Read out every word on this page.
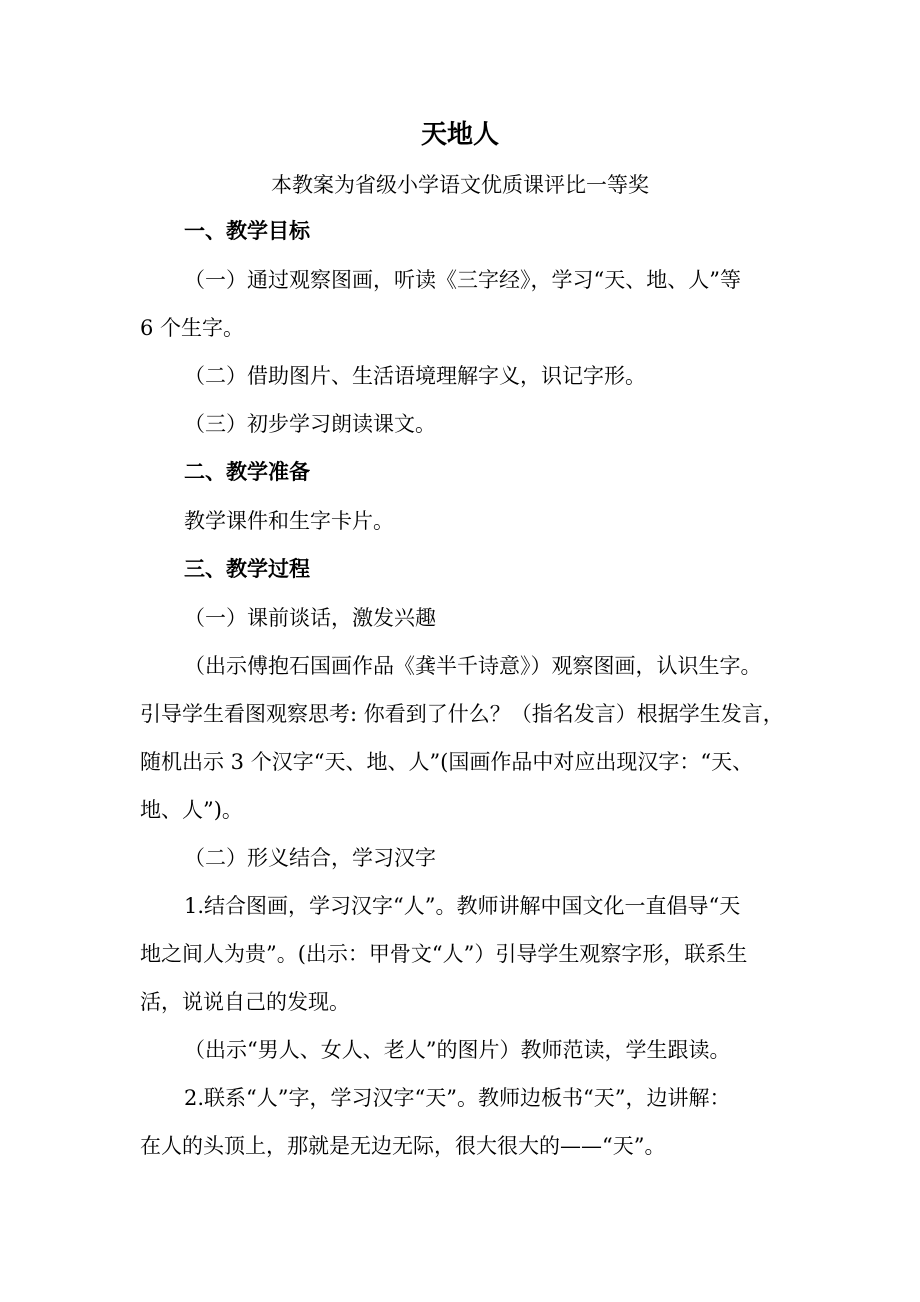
天地人
本教案为省级小学语文优质课评比一等奖
一、教学目标
（一）通过观察图画，听读《三字经》，学习“天、地、人”等
6 个生字。
（二）借助图片、生活语境理解字义，识记字形。
（三）初步学习朗读课文。
二、教学准备
教学课件和生字卡片。
三、教学过程
（一）课前谈话，激发兴趣
（出示傅抱石国画作品《龚半千诗意》）观察图画，认识生字。
引导学生看图观察思考: 你看到了什么？（指名发言）根据学生发言，
随机出示 3 个汉字“天、地、人”(国画作品中对应出现汉字：“天、
地、人”)。
（二）形义结合，学习汉字
1.结合图画，学习汉字“人”。教师讲解中国文化一直倡导“天
地之间人为贵”。(出示：甲骨文“人”）引导学生观察字形，联系生
活，说说自己的发现。
（出示“男人、女人、老人”的图片）教师范读，学生跟读。
2.联系“人”字，学习汉字“天”。教师边板书“天”，边讲解：
在人的头顶上，那就是无边无际，很大很大的——“天”。
